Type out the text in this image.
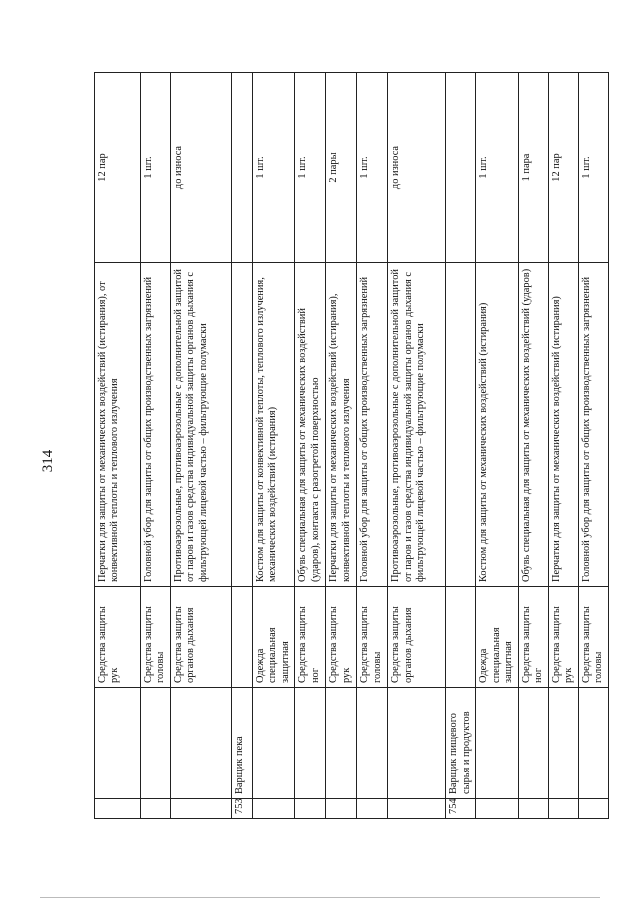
314
		Средства защиты рук	Перчатки для защиты от механических воздействий (истирания), от конвективной теплоты и теплового излучения	12 пар
		Средства защиты головы	Головной убор для защиты от общих производственных загрязнений	1 шт.
		Средства защиты органов дыхания	Противоаэрозольные, противоаэрозольные с дополнительной защитой от паров и газов средства индивидуальной защиты органов дыхания с фильтрующей лицевой частью – фильтрующие полумаски	до износа
753	Варщик пека			
		Одежда специальная защитная	Костюм для защиты от конвективной теплоты, теплового излучения, механических воздействий (истирания)	1 шт.
		Средства защиты ног	Обувь специальная для защиты от механических воздействий (ударов), контакта с разогретой поверхностью	1 шт.
		Средства защиты рук	Перчатки для защиты от механических воздействий (истирания), конвективной теплоты и теплового излучения	2 пары
		Средства защиты головы	Головной убор для защиты от общих производственных загрязнений	1 шт.
		Средства защиты органов дыхания	Противоаэрозольные, противоаэрозольные с дополнительной защитой от паров и газов средства индивидуальной защиты органов дыхания с фильтрующей лицевой частью – фильтрующие полумаски	до износа
754	Варщик пищевого сырья и продуктов			
		Одежда специальная защитная	Костюм для защиты от механических воздействий (истирания)	1 шт.
		Средства защиты ног	Обувь специальная для защиты от механических воздействий (ударов)	1 пара
		Средства защиты рук	Перчатки для защиты от механических воздействий (истирания)	12 пар
		Средства защиты головы	Головной убор для защиты от общих производственных загрязнений	1 шт.
